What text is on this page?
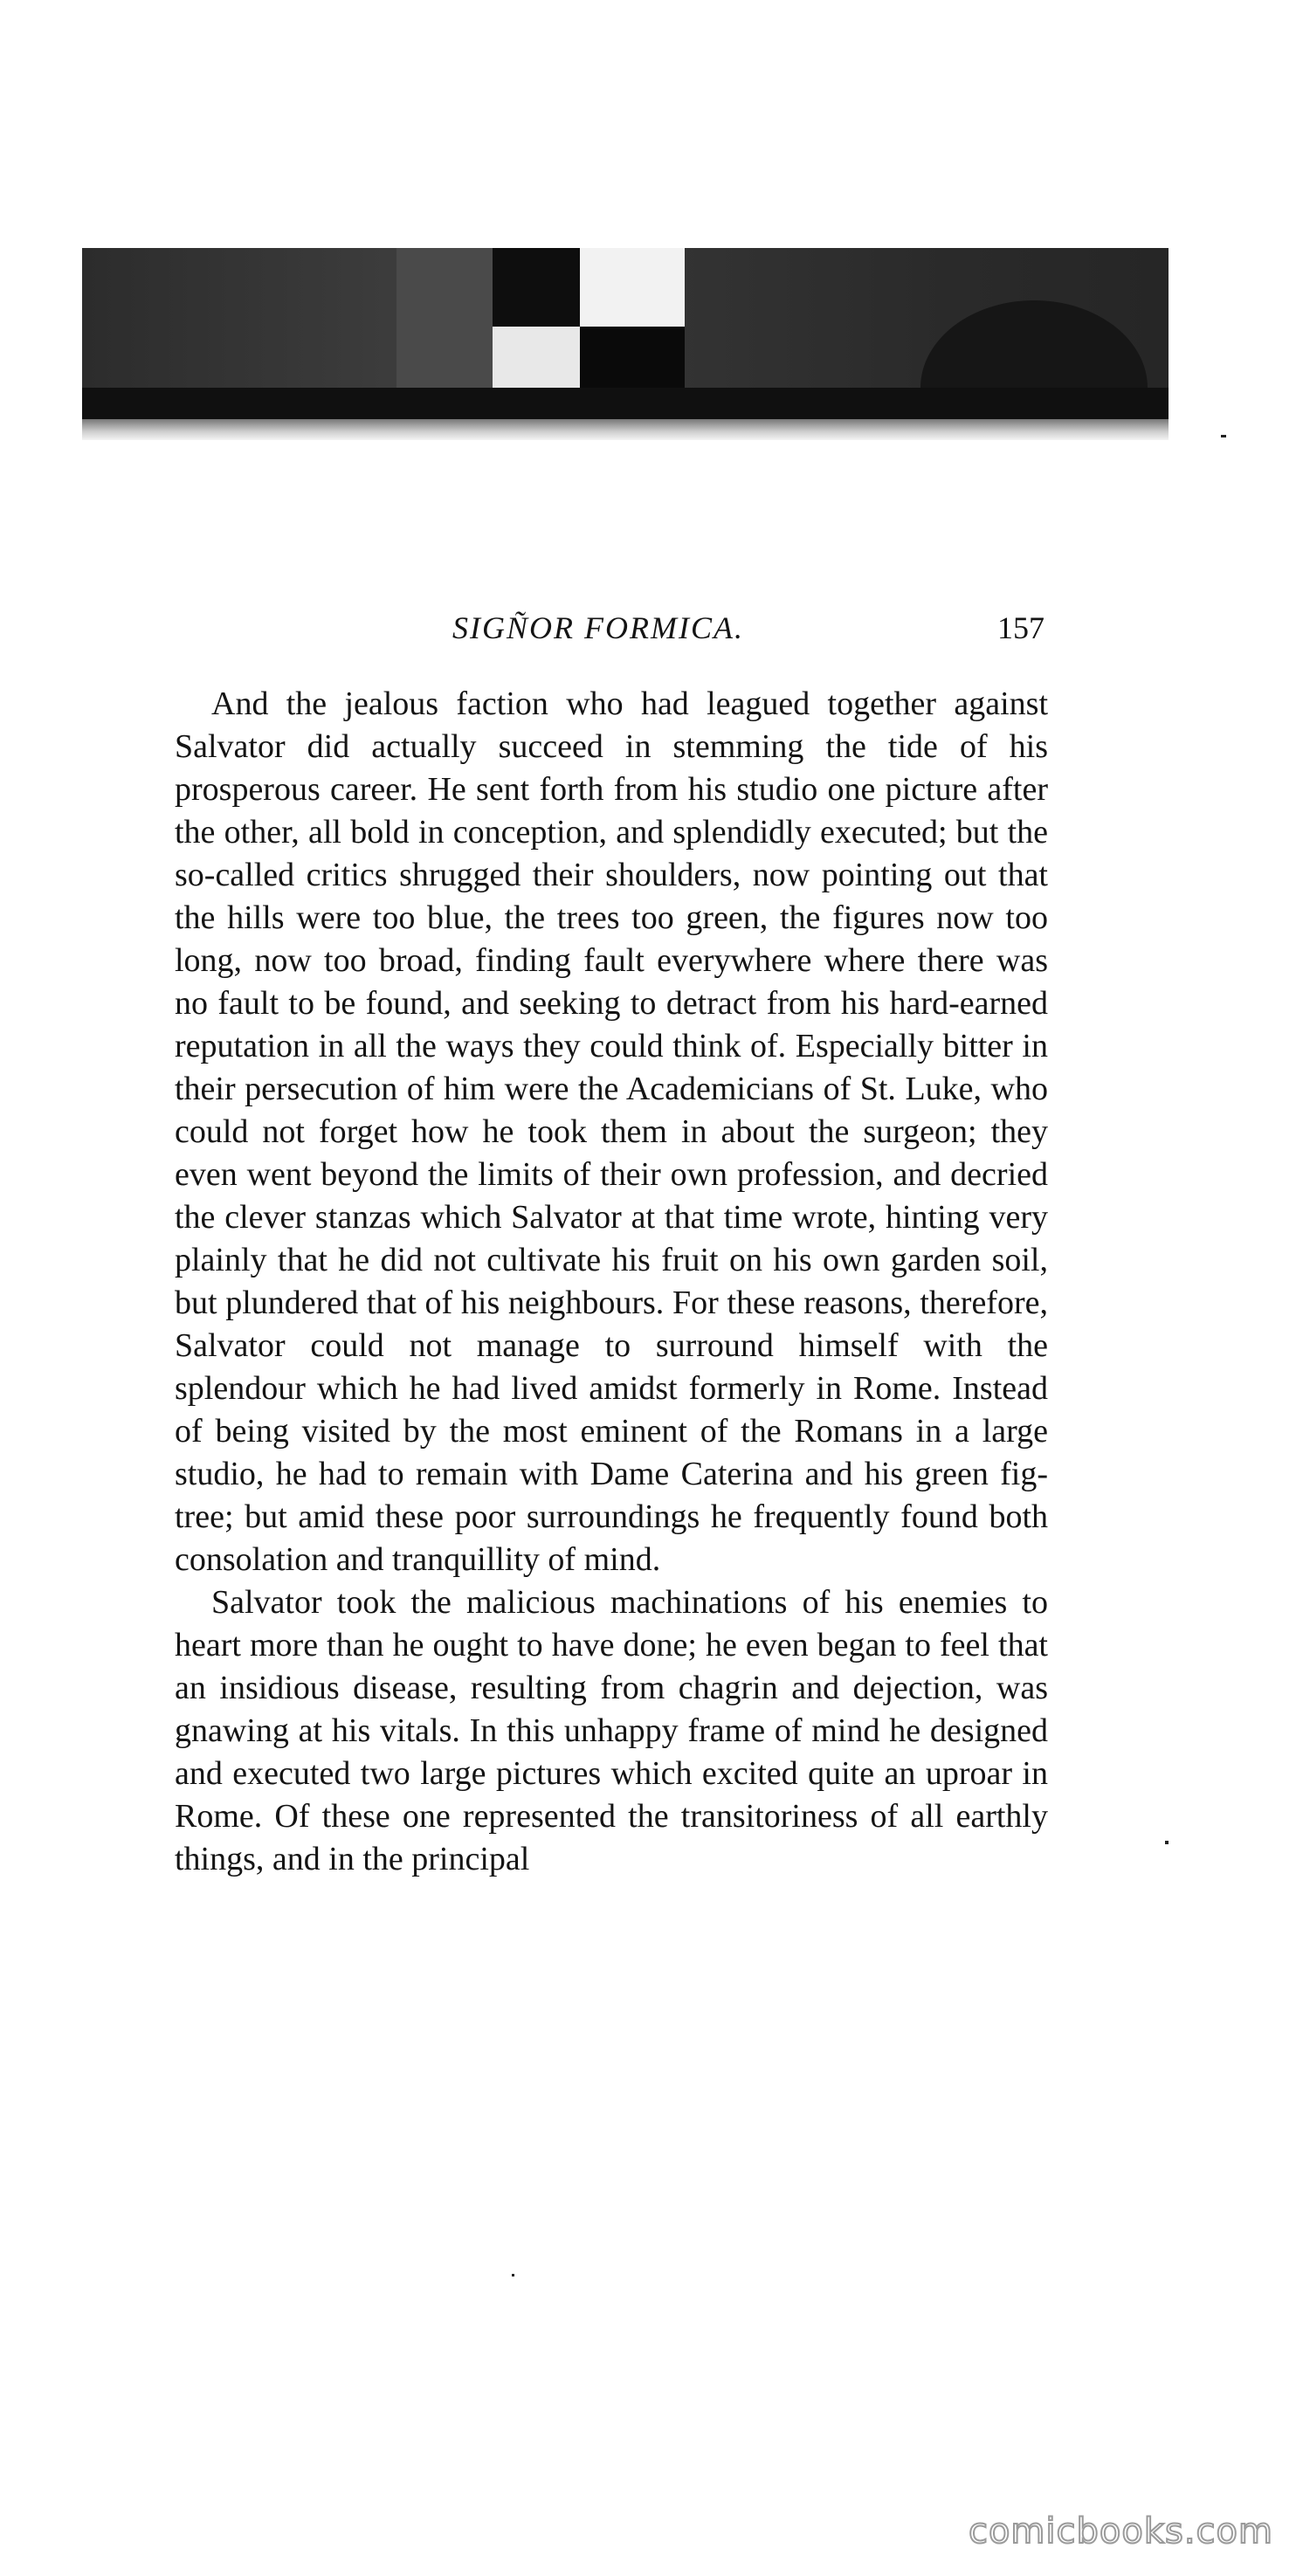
SIGÑOR FORMICA.	157

And the jealous faction who had leagued together against Salvator did actually succeed in stemming the tide of his prosperous career. He sent forth from his studio one picture after the other, all bold in conception, and splendidly executed; but the so-called critics shrugged their shoulders, now pointing out that the hills were too blue, the trees too green, the figures now too long, now too broad, finding fault everywhere where there was no fault to be found, and seeking to detract from his hard-earned reputation in all the ways they could think of. Especially bitter in their persecution of him were the Academicians of St. Luke, who could not forget how he took them in about the surgeon; they even went beyond the limits of their own profession, and decried the clever stanzas which Salvator at that time wrote, hinting very plainly that he did not cultivate his fruit on his own garden soil, but plundered that of his neighbours. For these reasons, therefore, Salvator could not manage to surround himself with the splendour which he had lived amidst formerly in Rome. Instead of being visited by the most eminent of the Romans in a large studio, he had to remain with Dame Caterina and his green fig-tree; but amid these poor surroundings he frequently found both consolation and tranquillity of mind.

Salvator took the malicious machinations of his enemies to heart more than he ought to have done; he even began to feel that an insidious disease, resulting from chagrin and dejection, was gnawing at his vitals. In this unhappy frame of mind he designed and executed two large pictures which excited quite an uproar in Rome. Of these one represented the transitoriness of all earthly things, and in the principal

comicbooks.com
